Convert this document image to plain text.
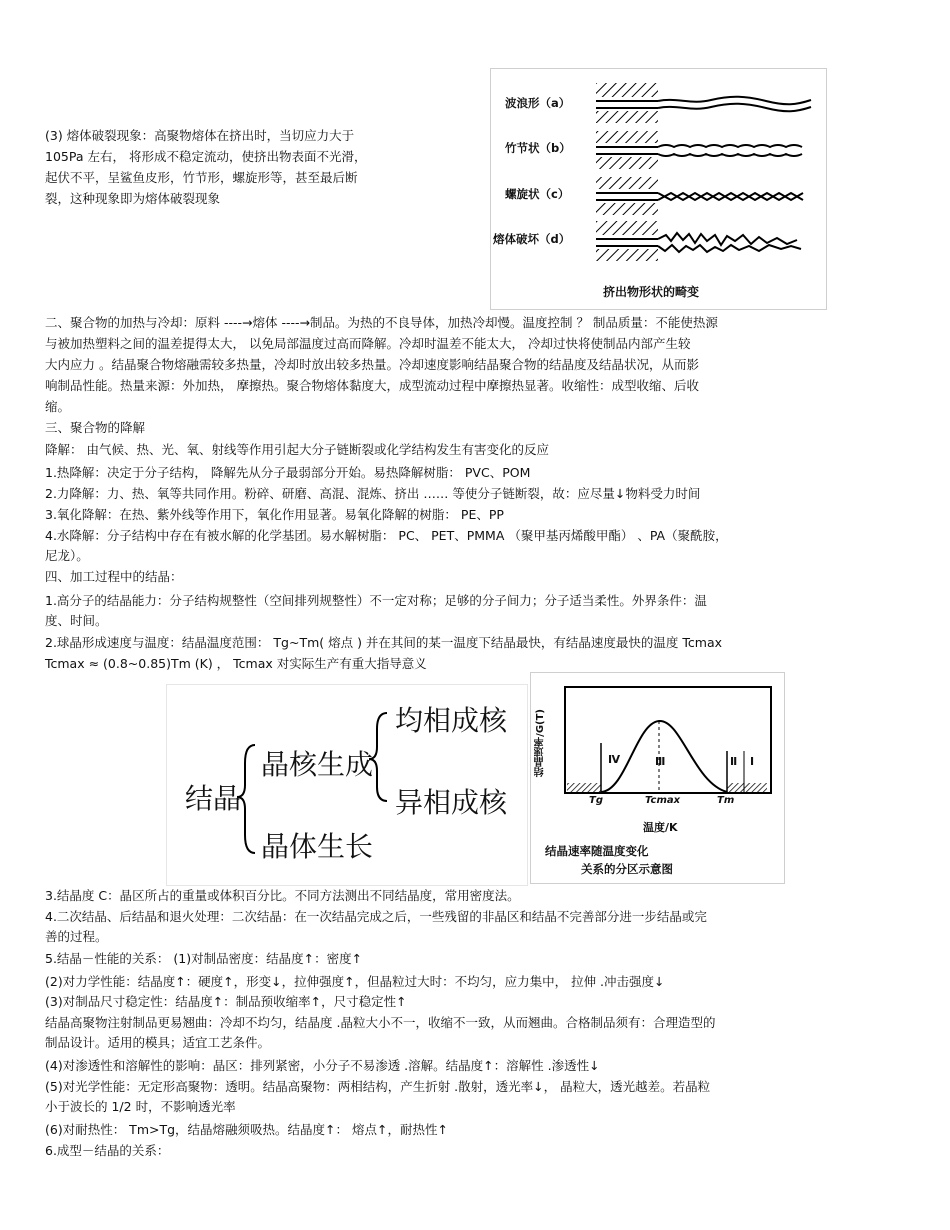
(3) 熔体破裂现象：高聚物熔体在挤出时，当切应力大于
105Pa 左右， 将形成不稳定流动，使挤出物表面不光滑，
起伏不平，呈鲨鱼皮形，竹节形，螺旋形等，甚至最后断
裂，这种现象即为熔体破裂现象
波浪形（a）
竹节状（b）
螺旋状（c）
熔体破坏（d）
挤出物形状的畸变
二、聚合物的加热与冷却：原料 ----→熔体 ----→制品。为热的不良导体，加热冷却慢。温度控制 ？ 制品质量：不能使热源
与被加热塑料之间的温差提得太大， 以免局部温度过高而降解。冷却时温差不能太大， 冷却过快将使制品内部产生较
大内应力 。结晶聚合物熔融需较多热量，冷却时放出较多热量。冷却速度影响结晶聚合物的结晶度及结晶状况，从而影
响制品性能。热量来源：外加热， 摩擦热。聚合物熔体黏度大，成型流动过程中摩擦热显著。收缩性：成型收缩、后收
缩。
三、聚合物的降解
降解： 由气候、热、光、氧、射线等作用引起大分子链断裂或化学结构发生有害变化的反应
1.热降解：决定于分子结构， 降解先从分子最弱部分开始。易热降解树脂： PVC、POM
2.力降解：力、热、氧等共同作用。粉碎、研磨、高混、混炼、挤出 …… 等使分子链断裂，故：应尽量↓物料受力时间
3.氧化降解：在热、紫外线等作用下，氧化作用显著。易氧化降解的树脂： PE、PP
4.水降解：分子结构中存在有被水解的化学基团。易水解树脂： PC、 PET、PMMA （聚甲基丙烯酸甲酯） 、PA（聚酰胺，
尼龙）。
四、加工过程中的结晶：
1.高分子的结晶能力：分子结构规整性（空间排列规整性）不一定对称；足够的分子间力；分子适当柔性。外界条件：温
度、时间。
2.球晶形成速度与温度：结晶温度范围： Tg~Tm( 熔点 ) 并在其间的某一温度下结晶最快，有结晶速度最快的温度 Tcmax
Tcmax ≈ (0.8~0.85)Tm (K) ， Tcmax 对实际生产有重大指导意义
结晶
晶核生成
晶体生长
均相成核
异相成核
结晶速率/G(T)	Ⅳ	Ⅲ	Ⅱ Ⅰ
Tg	Tcmax	Tm
温度/K
结晶速率随温度变化
关系的分区示意图
3.结晶度 C：晶区所占的重量或体积百分比。不同方法测出不同结晶度，常用密度法。
4.二次结晶、后结晶和退火处理：二次结晶：在一次结晶完成之后，一些残留的非晶区和结晶不完善部分进一步结晶或完
善的过程。
5.结晶－性能的关系： (1)对制品密度：结晶度↑：密度↑
(2)对力学性能：结晶度↑：硬度↑，形变↓，拉伸强度↑，但晶粒过大时：不均匀，应力集中， 拉伸 .冲击强度↓
(3)对制品尺寸稳定性：结晶度↑：制品预收缩率↑，尺寸稳定性↑
结晶高聚物注射制品更易翘曲：冷却不均匀，结晶度 .晶粒大小不一，收缩不一致，从而翘曲。合格制品须有：合理造型的
制品设计。适用的模具；适宜工艺条件。
(4)对渗透性和溶解性的影响：晶区：排列紧密，小分子不易渗透 .溶解。结晶度↑：溶解性 .渗透性↓
(5)对光学性能：无定形高聚物：透明。结晶高聚物：两相结构，产生折射 .散射，透光率↓， 晶粒大，透光越差。若晶粒
小于波长的 1/2 时，不影响透光率
(6)对耐热性： Tm>Tg，结晶熔融须吸热。结晶度↑： 熔点↑，耐热性↑
6.成型－结晶的关系：
